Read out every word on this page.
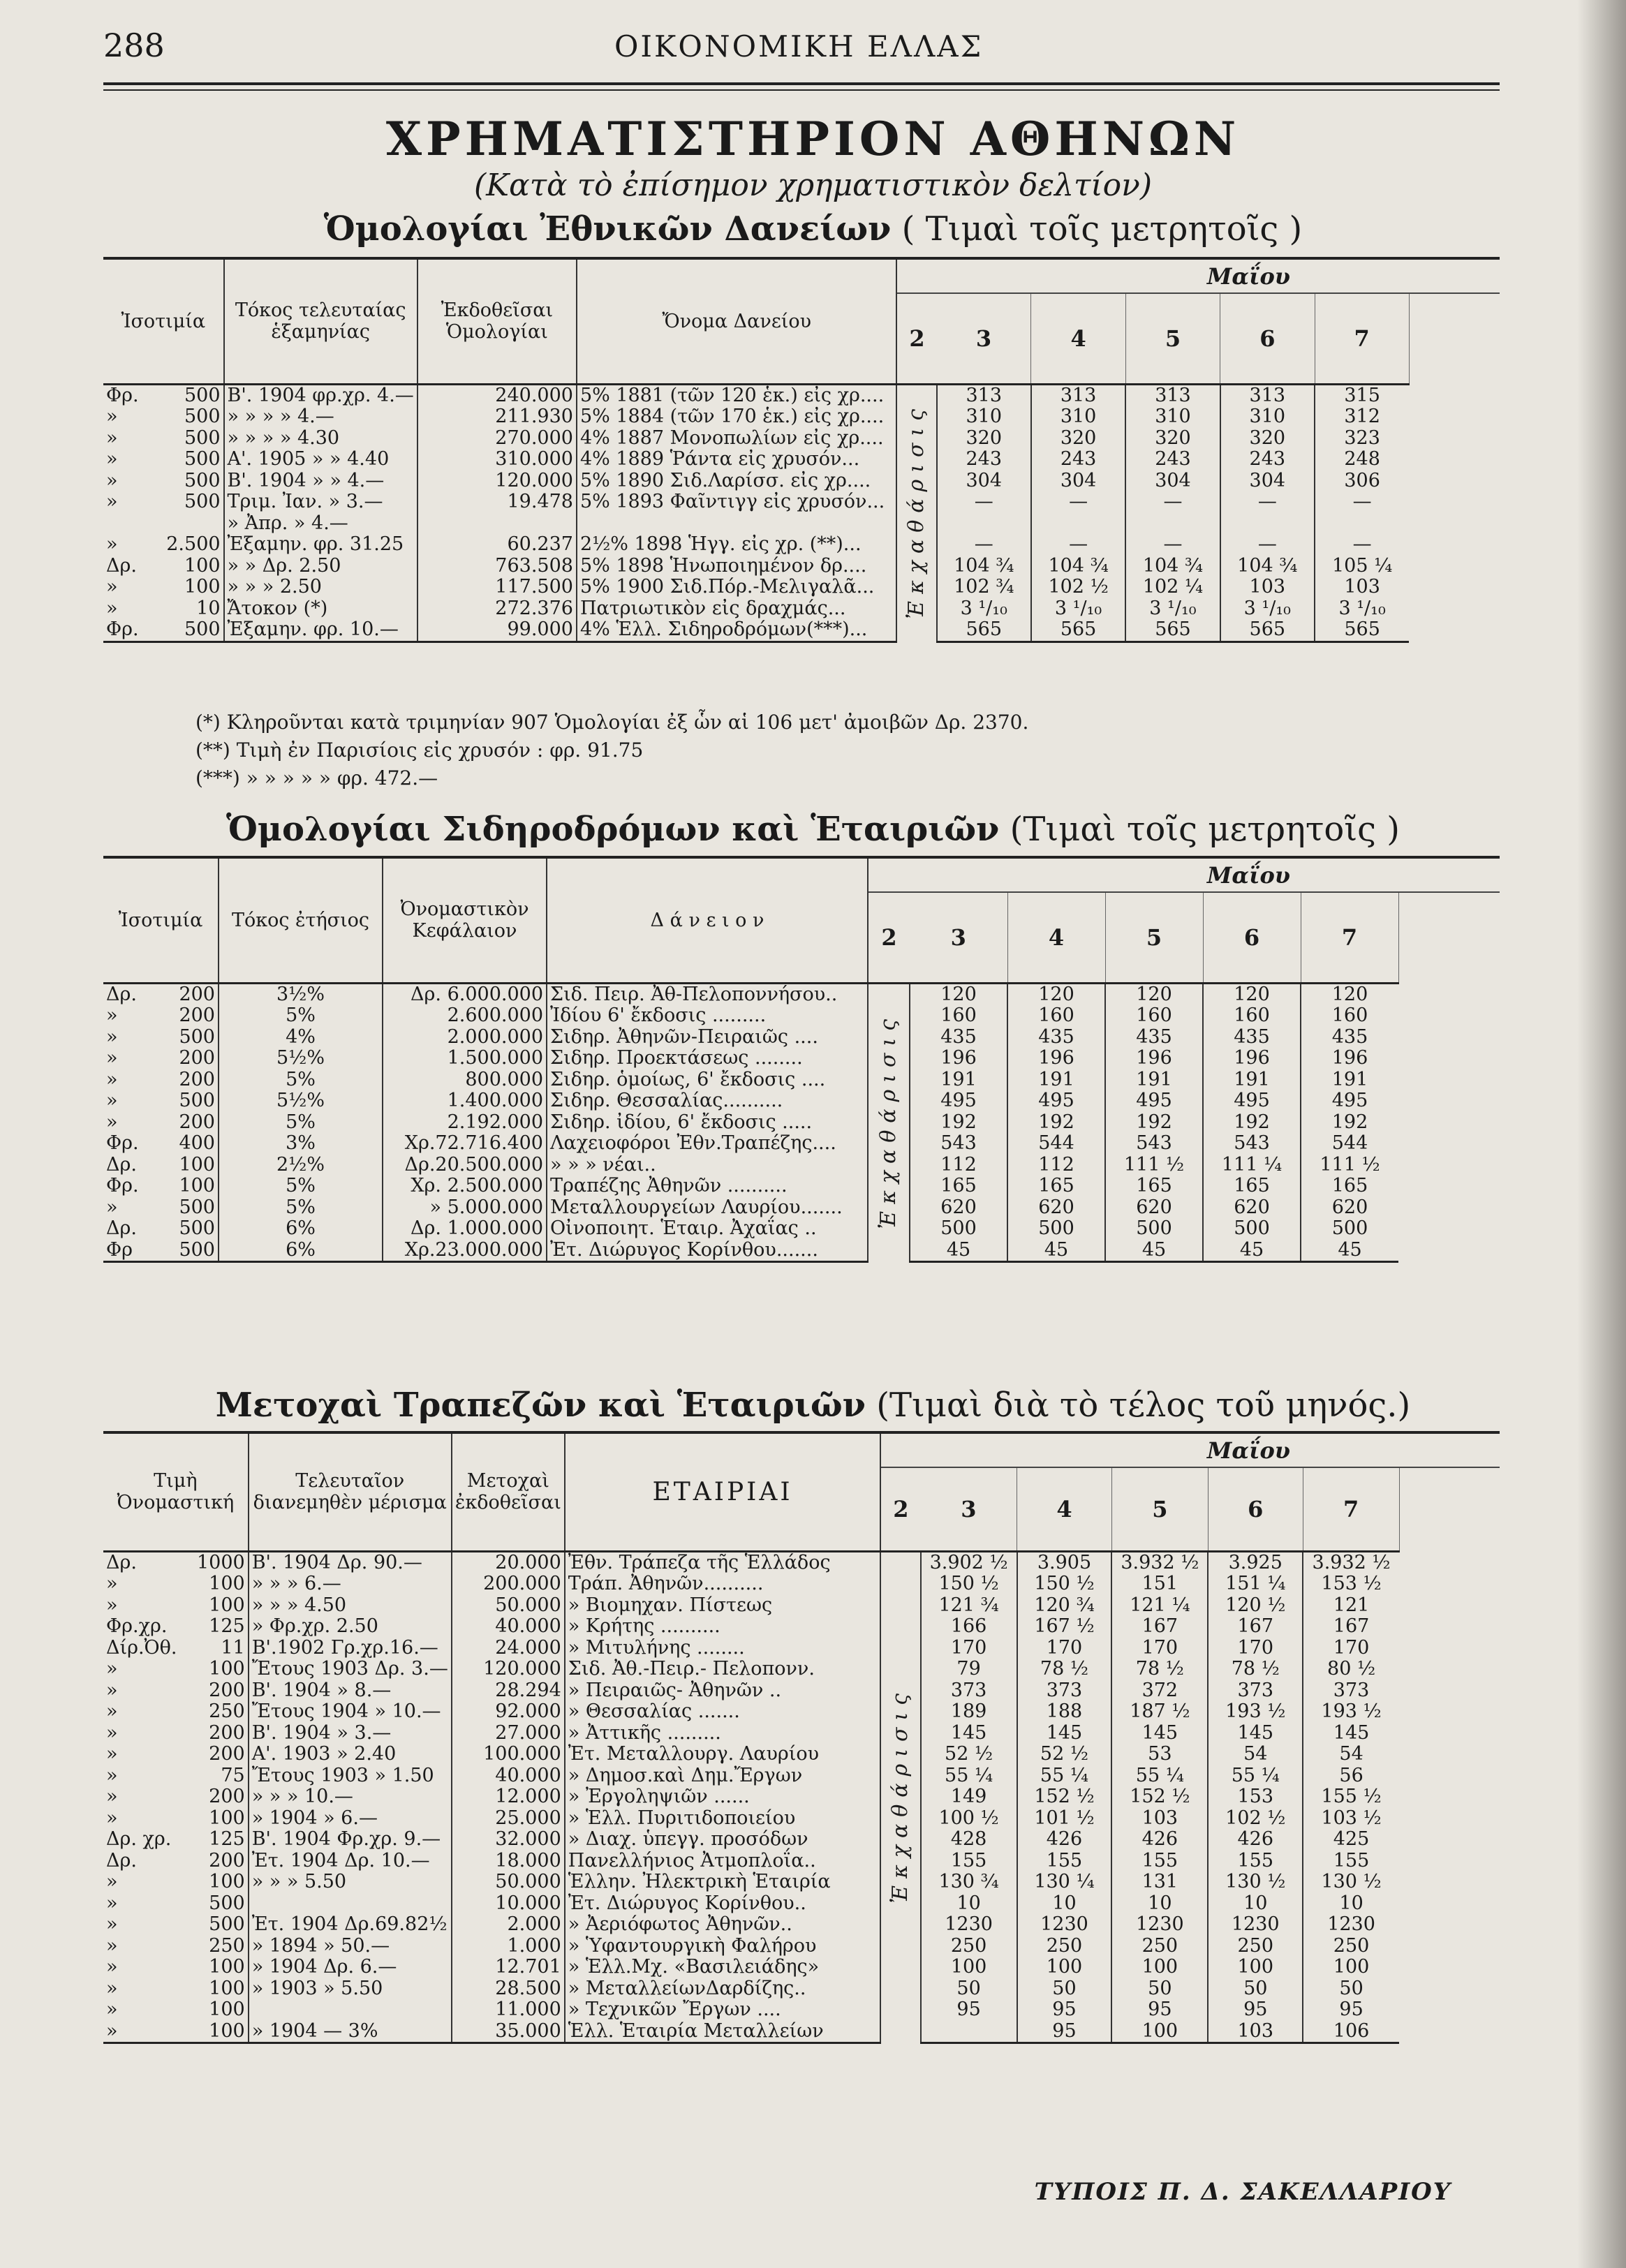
288	ΟΙΚΟΝΟΜΙΚΗ ΕΛΛΑΣ
ΧΡΗΜΑΤΙΣΤΗΡΙΟΝ ΑΘΗΝΩΝ
(Κατὰ τὸ ἐπίσημον χρηματιστικὸν δελτίον)
Ὁμολογίαι Ἐθνικῶν Δανείων ( Τιμαὶ τοῖς μετρητοῖς )
Ἰσοτιμία		Τόκος τελευταίας ἑξαμηνίας	Ἐκδοθεῖσαι Ὁμολογίαι	Ὄνομα Δανείου	Μαΐου					
					2	3	4	5	6	7
Φρ.	500	Β'. 1904 φρ.χρ. 4.—	240.000	5% 1881 (τῶν 120 ἑκ.) εἰς χρ....	Ἐκχαθάρισις	313	313	313	313	315
»	500	» » » » 4.—	211.930	5% 1884 (τῶν 170 ἑκ.) εἰς χρ....		310	310	310	310	312
»	500	» » » » 4.30	270.000	4% 1887 Μονοπωλίων εἰς χρ....		320	320	320	320	323
»	500	Α'. 1905 » » 4.40	310.000	4% 1889 Ῥάντα εἰς χρυσόν...		243	243	243	243	248
»	500	Β'. 1904 » » 4.—	120.000	5% 1890 Σιδ.Λαρίσσ. εἰς χρ....		304	304	304	304	306
»	500	Τριμ. Ἰαν. » 3.—	19.478	5% 1893 Φαῖντιγγ εἰς χρυσόν...		—	—	—	—	—
		» Ἀπρ. » 4.—								
»	2.500	Ἐξαμην. φρ. 31.25	60.237	2½% 1898 Ἡγγ. εἰς χρ. (**)...		—	—	—	—	—
Δρ.	100	» » Δρ. 2.50	763.508	5% 1898 Ἡνωποιημένον δρ....		104 ¾	104 ¾	104 ¾	104 ¾	105 ¼
»	100	» » » 2.50	117.500	5% 1900 Σιδ.Πόρ.-Μελιγαλᾶ...		102 ¾	102 ½	102 ¼	103	103
»	10	Ἄτοκον (*)	272.376	Πατριωτικὸν εἰς δραχμάς...		3 ¹/₁₀	3 ¹/₁₀	3 ¹/₁₀	3 ¹/₁₀	3 ¹/₁₀
Φρ.	500	Ἐξαμην. φρ. 10.—	99.000	4% Ἑλλ. Σιδηροδρόμων(***)...		565	565	565	565	565
(*) Κληροῦνται κατὰ τριμηνίαν 907 Ὁμολογίαι ἐξ ὧν αἱ 106 μετ' ἀμοιβῶν Δρ. 2370.
(**) Τιμὴ ἐν Παρισίοις εἰς χρυσόν : φρ. 91.75
(***) » » » » » φρ. 472.—
Ὁμολογίαι Σιδηροδρόμων καὶ Ἑταιριῶν (Τιμαὶ τοῖς μετρητοῖς )
Ἰσοτιμία		Τόκος ἐτήσιος	Ὀνομαστικὸν Κεφάλαιον	Δ ά ν ε ι ο ν	Μαΐου					
					2	3	4	5	6	7
Δρ.	200	3½%	Δρ. 6.000.000	Σιδ. Πειρ. Ἀθ-Πελοποννήσου..	Ἐκχαθάρισις	120	120	120	120	120
»	200	5%	2.600.000	Ἰδίου 6' ἔκδοσις .........		160	160	160	160	160
»	500	4%	2.000.000	Σιδηρ. Ἀθηνῶν-Πειραιῶς ....		435	435	435	435	435
»	200	5½%	1.500.000	Σιδηρ. Προεκτάσεως ........		196	196	196	196	196
»	200	5%	800.000	Σιδηρ. ὁμοίως, 6' ἔκδοσις ....		191	191	191	191	191
»	500	5½%	1.400.000	Σιδηρ. Θεσσαλίας..........		495	495	495	495	495
»	200	5%	2.192.000	Σιδηρ. ἰδίου, 6' ἔκδοσις .....		192	192	192	192	192
Φρ.	400	3%	Χρ.72.716.400	Λαχειοφόροι Ἐθν.Τραπέζης....		543	544	543	543	544
Δρ.	100	2½%	Δρ.20.500.000	» » » νέαι..		112	112	111 ½	111 ¼	111 ½
Φρ.	100	5%	Χρ. 2.500.000	Τραπέζης Ἀθηνῶν ..........		165	165	165	165	165
»	500	5%	» 5.000.000	Μεταλλουργείων Λαυρίου.......		620	620	620	620	620
Δρ.	500	6%	Δρ. 1.000.000	Οἰνοποιητ. Ἑταιρ. Ἀχαΐας ..		500	500	500	500	500
Φρ	500	6%	Χρ.23.000.000	Ἐτ. Διώρυγος Κορίνθου.......		45	45	45	45	45
Μετοχαὶ Τραπεζῶν καὶ Ἑταιριῶν (Τιμαὶ διὰ τὸ τέλος τοῦ μηνός.)
Τιμὴ Ὀνομαστική		Τελευταῖον διανεμηθὲν μέρισμα	Μετοχαὶ ἐκδοθεῖσαι	ΕΤΑΙΡΙΑΙ	Μαΐου					
					2	3	4	5	6	7
Δρ.	1000	Β'. 1904 Δρ. 90.—	20.000	Ἐθν. Τράπεζα τῆς Ἑλλάδος	Ἐκχαθάρισις	3.902 ½	3.905	3.932 ½	3.925	3.932 ½
»	100	» » » 6.—	200.000	Τράπ. Ἀθηνῶν..........		150 ½	150 ½	151	151 ¼	153 ½
»	100	» » » 4.50	50.000	» Βιομηχαν. Πίστεως		121 ¾	120 ¾	121 ¼	120 ½	121
Φρ.χρ.	125	» Φρ.χρ. 2.50	40.000	» Κρήτης ..........		166	167 ½	167	167	167
Δίρ.Ὀθ.	11	Β'.1902 Γρ.χρ.16.—	24.000	» Μιτυλήνης ........		170	170	170	170	170
»	100	Ἔτους 1903 Δρ. 3.—	120.000	Σιδ. Ἀθ.-Πειρ.- Πελοπονν.		79	78 ½	78 ½	78 ½	80 ½
»	200	Β'. 1904 » 8.—	28.294	» Πειραιῶς- Ἀθηνῶν ..		373	373	372	373	373
»	250	Ἔτους 1904 » 10.—	92.000	» Θεσσαλίας .......		189	188	187 ½	193 ½	193 ½
»	200	Β'. 1904 » 3.—	27.000	» Ἀττικῆς .........		145	145	145	145	145
»	200	Α'. 1903 » 2.40	100.000	Ἐτ. Μεταλλουργ. Λαυρίου		52 ½	52 ½	53	54	54
»	75	Ἔτους 1903 » 1.50	40.000	» Δημοσ.καὶ Δημ.Ἔργων		55 ¼	55 ¼	55 ¼	55 ¼	56
»	200	» » » 10.—	12.000	» Ἐργοληψιῶν ......		149	152 ½	152 ½	153	155 ½
»	100	» 1904 » 6.—	25.000	» Ἑλλ. Πυριτιδοποιείου		100 ½	101 ½	103	102 ½	103 ½
Δρ. χρ.	125	Β'. 1904 Φρ.χρ. 9.—	32.000	» Διαχ. ὑπεγγ. προσόδων		428	426	426	426	425
Δρ.	200	Ἐτ. 1904 Δρ. 10.—	18.000	Πανελλήνιος Ἀτμοπλοΐα..		155	155	155	155	155
»	100	» » » 5.50	50.000	Ἑλλην. Ἠλεκτρικὴ Ἑταιρία		130 ¾	130 ¼	131	130 ½	130 ½
»	500		10.000	Ἐτ. Διώρυγος Κορίνθου..		10	10	10	10	10
»	500	Ἐτ. 1904 Δρ.69.82½	2.000	» Ἀεριόφωτος Ἀθηνῶν..		1230	1230	1230	1230	1230
»	250	» 1894 » 50.—	1.000	» Ὑφαντουργικὴ Φαλήρου		250	250	250	250	250
»	100	» 1904 Δρ. 6.—	12.701	» Ἑλλ.Μχ. «Βασιλειάδης»		100	100	100	100	100
»	100	» 1903 » 5.50	28.500	» ΜεταλλείωνΔαρδίζης..		50	50	50	50	50
»	100		11.000	» Τεχνικῶν Ἔργων ....		95	95	95	95	95
»	100	» 1904 — 3%	35.000	Ἑλλ. Ἑταιρία Μεταλλείων			95	100	103	106
ΤΥΠΟΙΣ Π. Δ. ΣΑΚΕΛΛΑΡΙΟΥ
